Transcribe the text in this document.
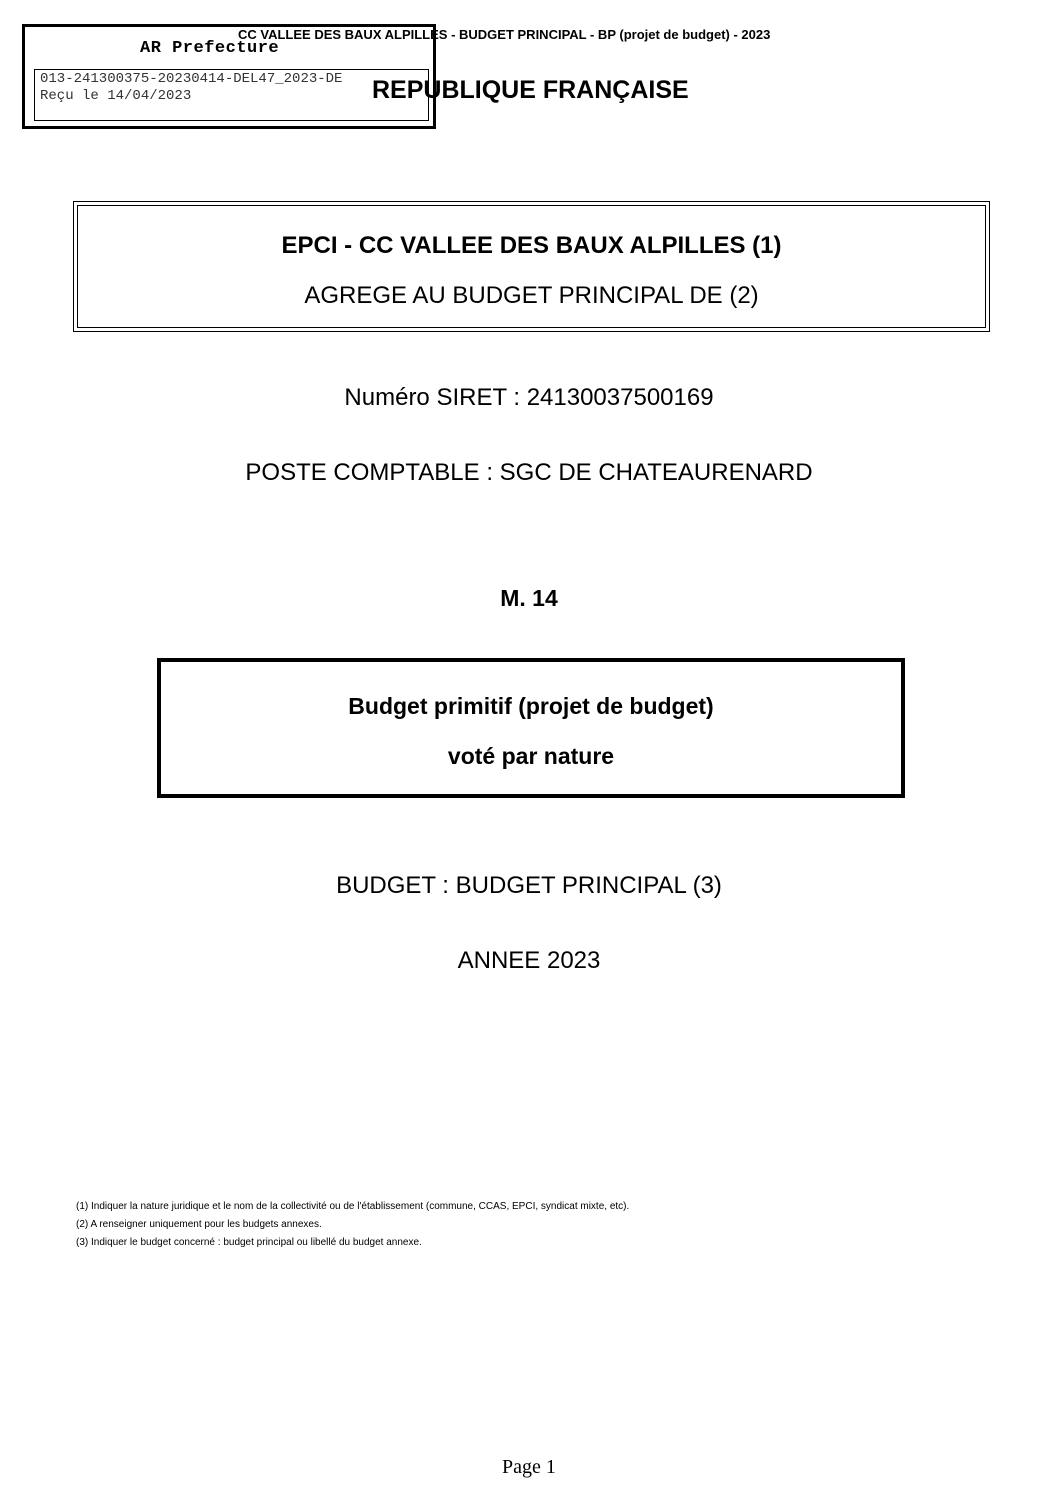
AR Prefecture
013-241300375-20230414-DEL47_2023-DE
Reçu le 14/04/2023
CC VALLEE DES BAUX ALPILLES - BUDGET PRINCIPAL - BP (projet de budget) - 2023
REPUBLIQUE FRANÇAISE
EPCI - CC VALLEE DES BAUX ALPILLES (1)
AGREGE AU BUDGET PRINCIPAL DE (2)
Numéro SIRET : 24130037500169
POSTE COMPTABLE : SGC DE CHATEAURENARD
M. 14
Budget primitif (projet de budget)
voté par nature
BUDGET : BUDGET PRINCIPAL (3)
ANNEE 2023
(1) Indiquer la nature juridique et le nom de la collectivité ou de l'établissement (commune, CCAS, EPCI, syndicat mixte, etc).
(2) A renseigner uniquement pour les budgets annexes.
(3) Indiquer le budget concerné : budget principal ou libellé du budget annexe.
Page 1
